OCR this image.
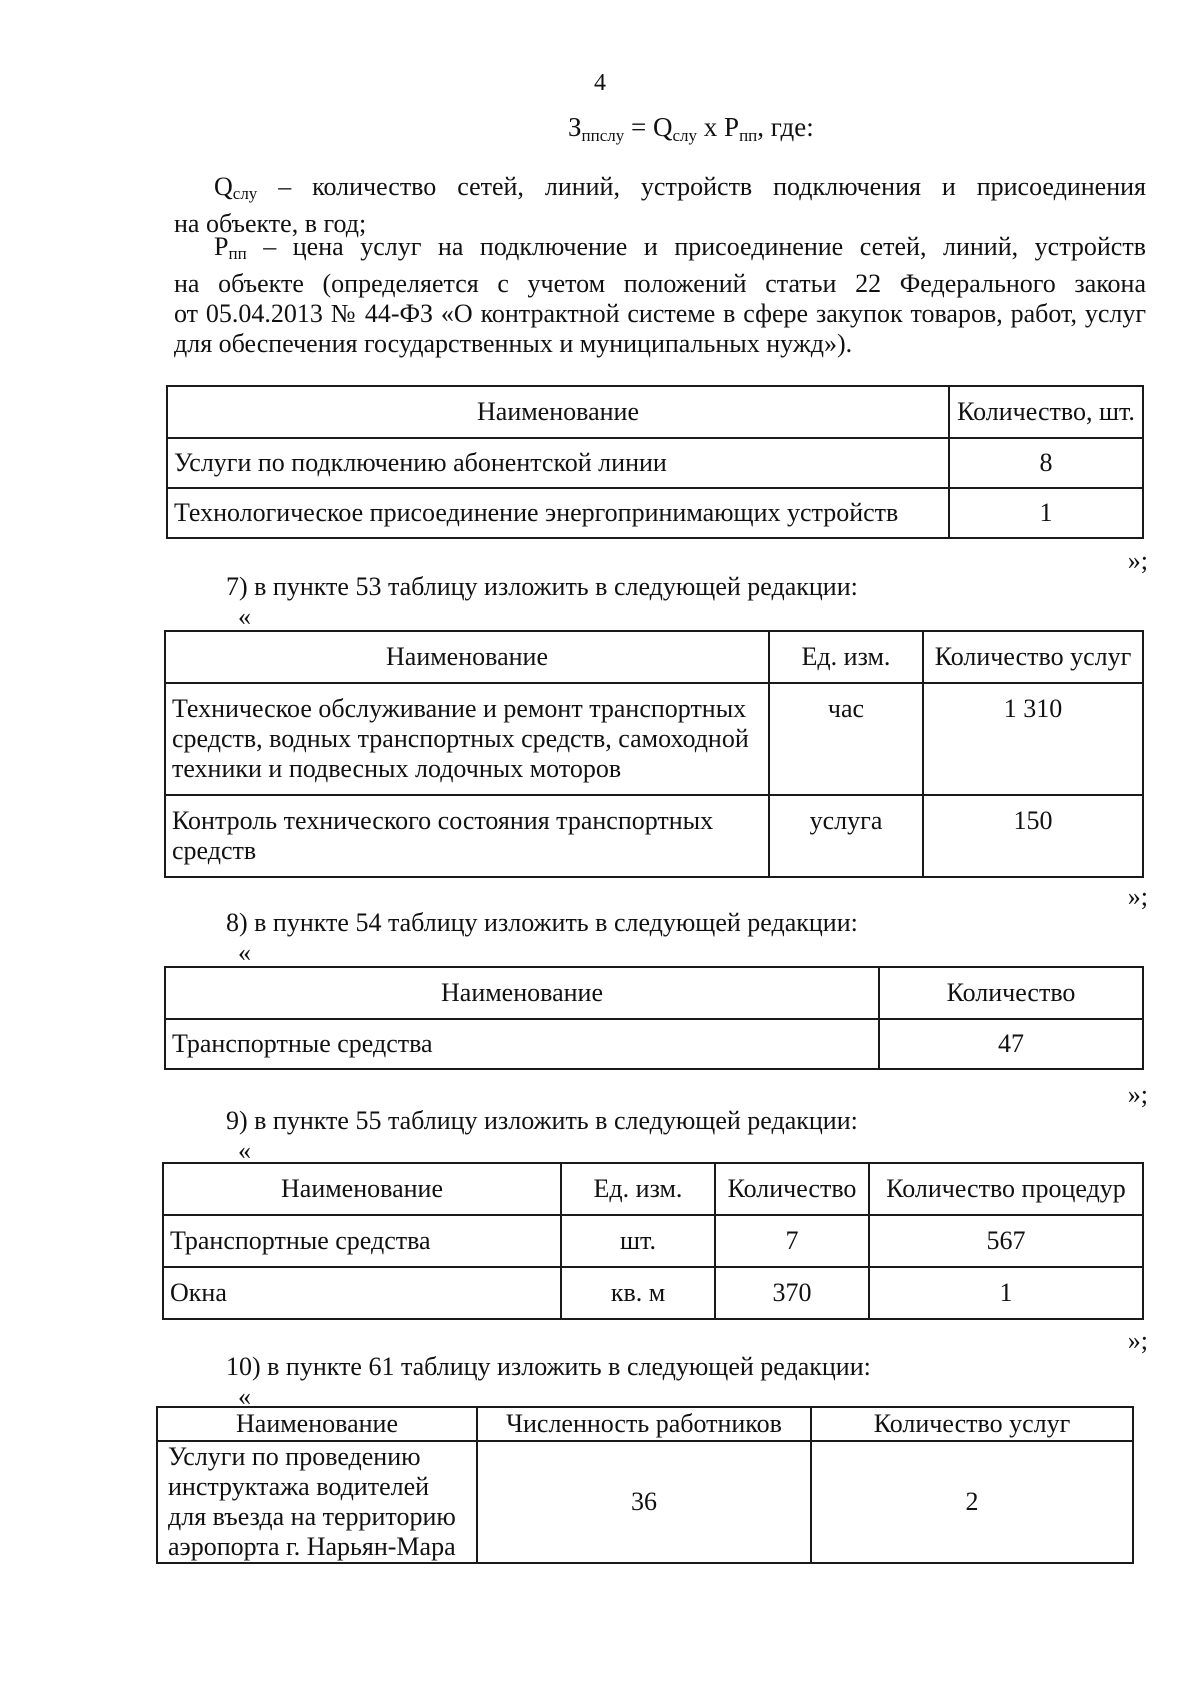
4
$З_{ппслу} = Q_{слу}$ x $P_{пп}$, где:
$Q_{слу}$ – количество сетей, линий, устройств подключения и присоединения
на объекте, в год;
$P_{пп}$ – цена услуг на подключение и присоединение сетей, линий, устройств
на объекте (определяется с учетом положений статьи 22 Федерального закона
от 05.04.2013 № 44-ФЗ «О контрактной системе в сфере закупок товаров, работ, услуг
для обеспечения государственных и муниципальных нужд»).
Наименование	Количество, шт.
Услуги по подключению абонентской линии	8
Технологическое присоединение энергопринимающих устройств	1
»;
7) в пункте 53 таблицу изложить в следующей редакции:
«
Наименование	Ед. изм.	Количество услуг
Техническое обслуживание и ремонт транспортных средств, водных транспортных средств, самоходной техники и подвесных лодочных моторов	час	1 310
Контроль технического состояния транспортных средств	услуга	150
»;
8) в пункте 54 таблицу изложить в следующей редакции:
«
Наименование	Количество
Транспортные средства	47
»;
9) в пункте 55 таблицу изложить в следующей редакции:
«
Наименование	Ед. изм.	Количество	Количество процедур
Транспортные средства	шт.	7	567
Окна	кв. м	370	1
»;
10) в пункте 61 таблицу изложить в следующей редакции:
«
Наименование	Численность работников	Количество услуг
Услуги по проведению инструктажа водителей для въезда на территорию аэропорта г. Нарьян-Мара	36	2
